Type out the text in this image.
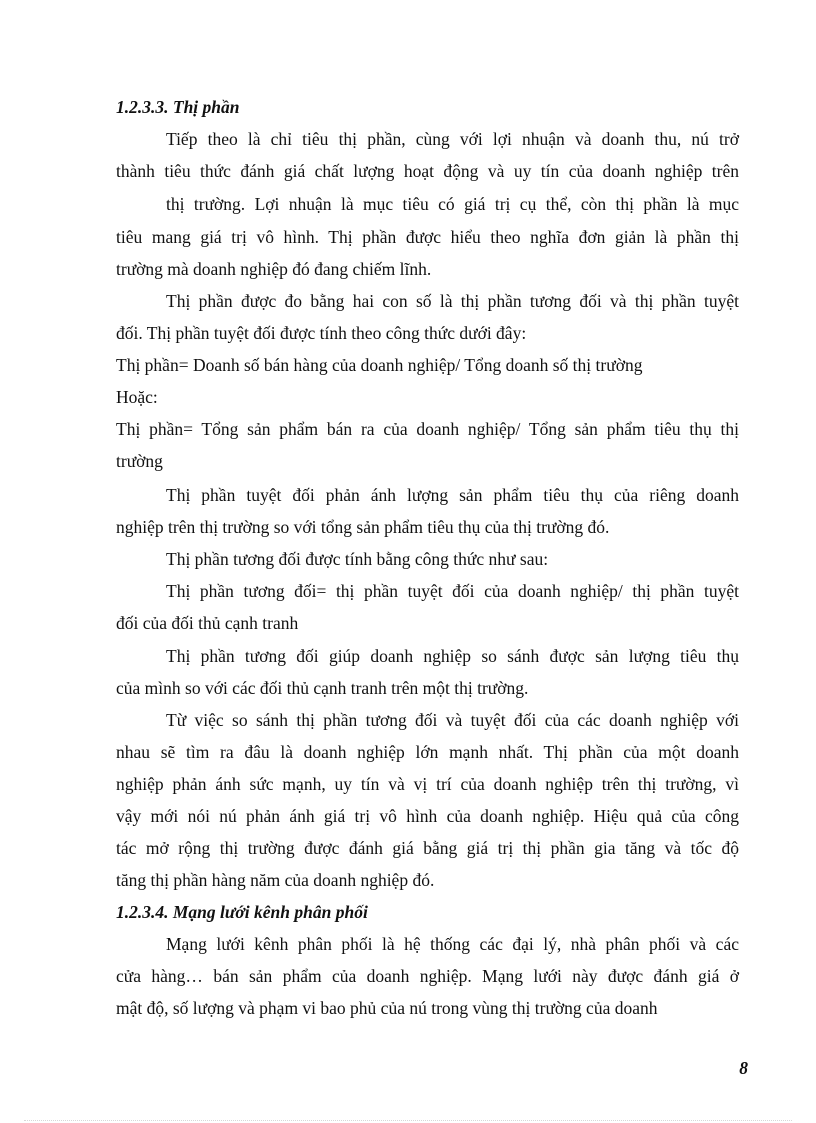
1.2.3.3. Thị phần
Tiếp theo là chỉ tiêu thị phần, cùng với lợi nhuận và doanh thu, nú trở
thành tiêu thức đánh giá chất lượng hoạt động và uy tín của doanh nghiệp trên
thị trường. Lợi nhuận là mục tiêu có giá trị cụ thể, còn thị phần là mục
tiêu mang giá trị vô hình. Thị phần được hiểu theo nghĩa đơn giản là phần thị
trường mà doanh nghiệp đó đang chiếm lĩnh.
Thị phần được đo bằng hai con số là thị phần tương đối và thị phần tuyệt
đối. Thị phần tuyệt đối được tính theo công thức dưới đây:
Thị phần= Doanh số bán hàng của doanh nghiệp/ Tổng doanh số thị trường
Hoặc:
Thị phần= Tổng sản phẩm bán ra của doanh nghiệp/ Tổng sản phẩm tiêu thụ thị
trường
Thị phần tuyệt đối phản ánh lượng sản phẩm tiêu thụ của riêng doanh
nghiệp trên thị trường so với tổng sản phẩm tiêu thụ của thị trường đó.
Thị phần tương đối được tính bằng công thức như sau:
Thị phần tương đối= thị phần tuyệt đối của doanh nghiệp/ thị phần tuyệt
đối của đối thủ cạnh tranh
Thị phần tương đối giúp doanh nghiệp so sánh được sản lượng tiêu thụ
của mình so với các đối thủ cạnh tranh trên một thị trường.
Từ việc so sánh thị phần tương đối và tuyệt đối của các doanh nghiệp với
nhau sẽ tìm ra đâu là doanh nghiệp lớn mạnh nhất. Thị phần của một doanh
nghiệp phản ánh sức mạnh, uy tín và vị trí của doanh nghiệp trên thị trường, vì
vậy mới nói nú phản ánh giá trị vô hình của doanh nghiệp. Hiệu quả của công
tác mở rộng thị trường được đánh giá bằng giá trị thị phần gia tăng và tốc độ
tăng thị phần hàng năm của doanh nghiệp đó.
1.2.3.4. Mạng lưới kênh phân phối
Mạng lưới kênh phân phối là hệ thống các đại lý, nhà phân phối và các
cửa hàng… bán sản phẩm của doanh nghiệp. Mạng lưới này được đánh giá ở
mật độ, số lượng và phạm vi bao phủ của nú trong vùng thị trường của doanh
8
